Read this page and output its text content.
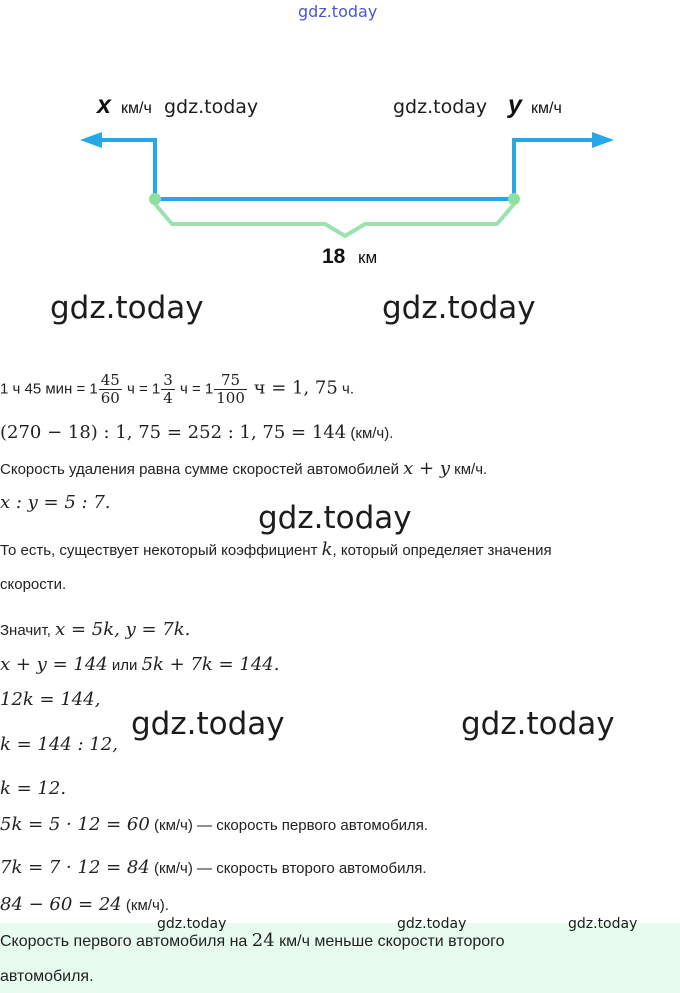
gdz.today
x км/ч	y км/ч
18 км
gdz.today	gdz.today
gdz.today	gdz.today
1 ч 45 мин = $1 \frac{45}{60}$ $ч = 1 \frac{3}{4}$ $ч = 1 \frac{75}{100}$ ч = 1, 75 ч.
(270 − 18) : 1, 75 = 252 : 1, 75 = 144 (км/ч).
Скорость удаления равна сумме скоростей автомобилей x + y км/ч.
x : y = 5 : 7.	gdz.today
То есть, существует некоторый коэффициент k, который определяет значения
скорости.
Значит, x = 5k, y = 7k.
x + y = 144 или 5k + 7k = 144.
12k = 144,
gdz.today	gdz.today
k = 144 : 12,
k = 12.
5k = 5 · 12 = 60 (км/ч) — скорость первого автомобиля.
7k = 7 · 12 = 84 (км/ч) — скорость второго автомобиля.
84 − 60 = 24 (км/ч).
Скорость первого автомобиля на 24 км/ч меньше скорости второго
автомобиля.
gdz.today	gdz.today	gdz.today
